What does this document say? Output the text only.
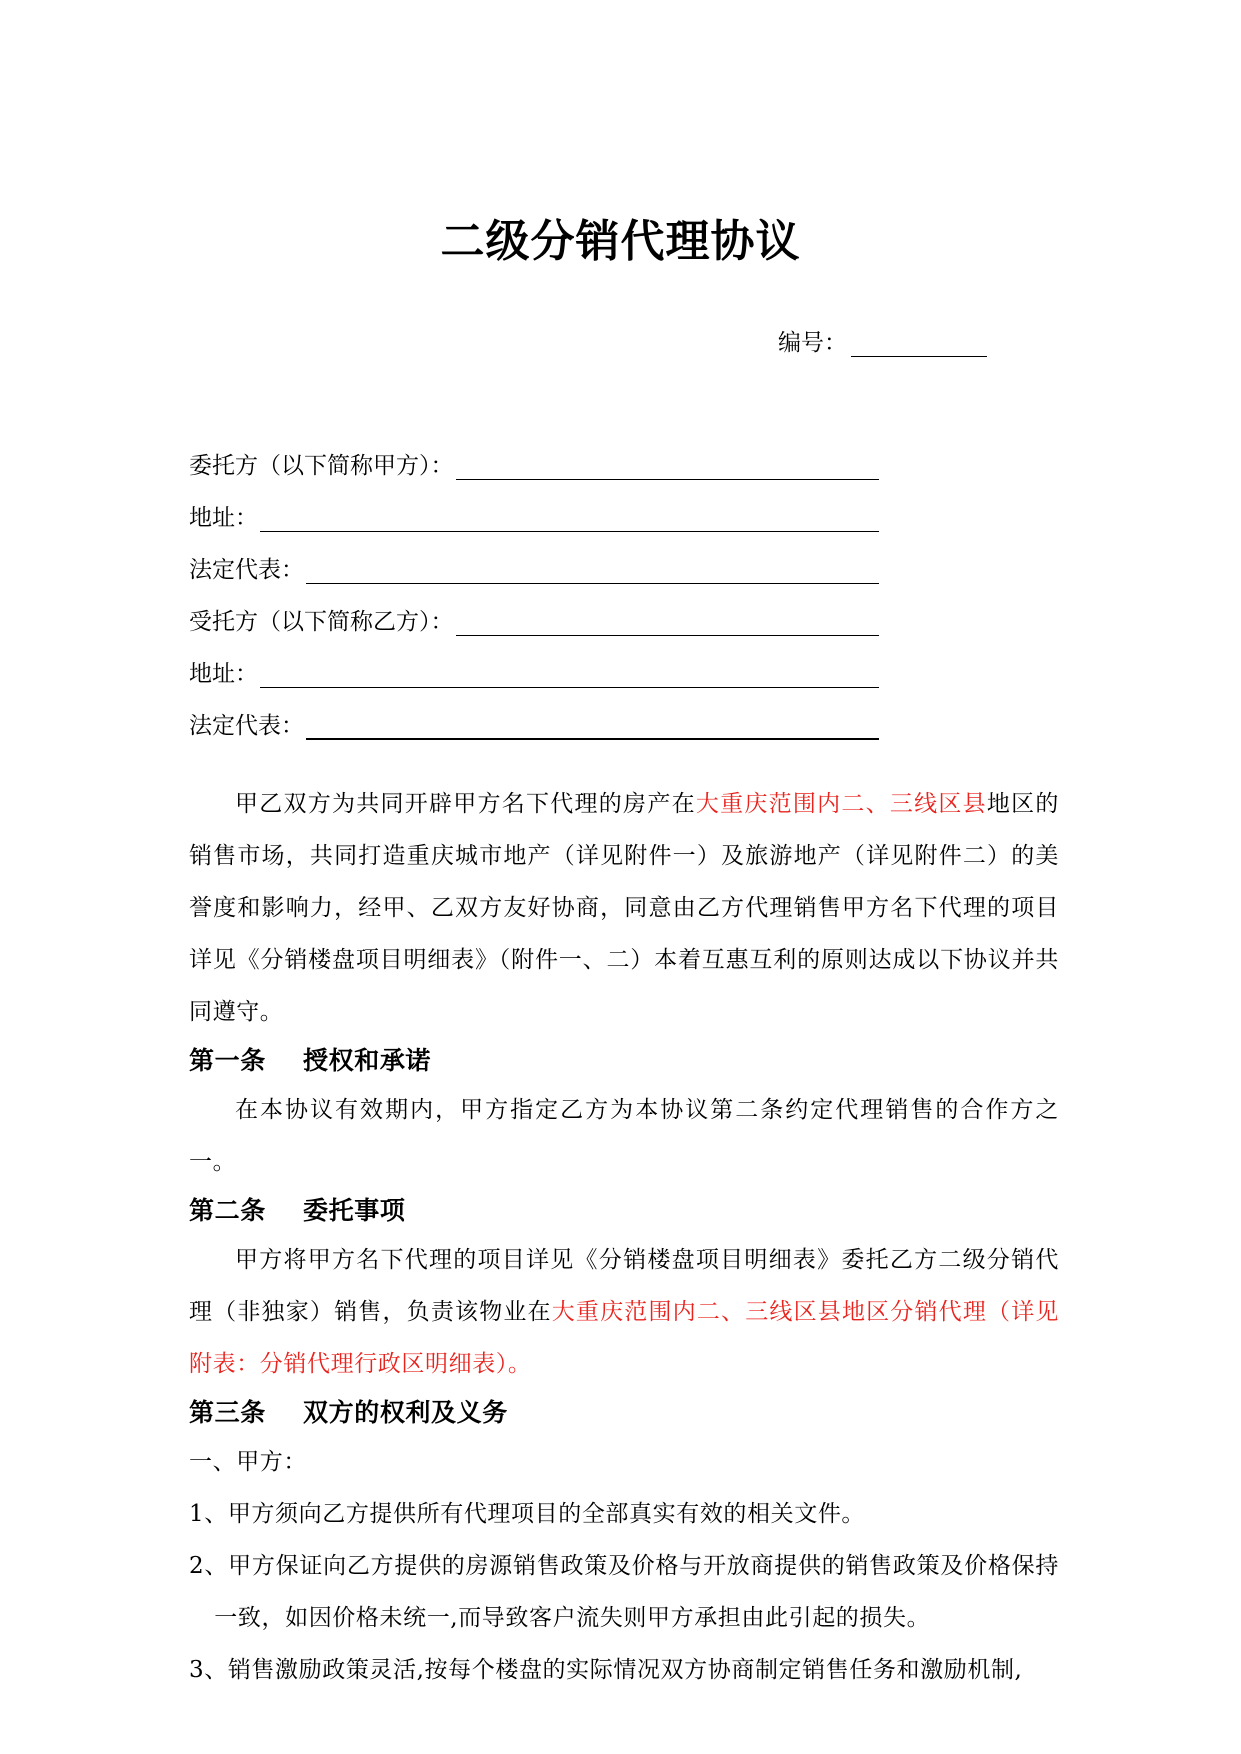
二级分销代理协议
编号：
委托方（以下简称甲方）：
地址：
法定代表：
受托方（以下简称乙方）：
地址：
法定代表：

甲乙双方为共同开辟甲方名下代理的房产在大重庆范围内二、三线区县地区的销售市场，共同打造重庆城市地产（详见附件一）及旅游地产（详见附件二）的美誉度和影响力，经甲、乙双方友好协商，同意由乙方代理销售甲方名下代理的项目详见《分销楼盘项目明细表》（附件一、二）本着互惠互利的原则达成以下协议并共同遵守。

第一条    授权和承诺

在本协议有效期内，甲方指定乙方为本协议第二条约定代理销售的合作方之一。

第二条    委托事项

甲方将甲方名下代理的项目详见《分销楼盘项目明细表》委托乙方二级分销代理（非独家）销售，负责该物业在大重庆范围内二、三线区县地区分销代理（详见附表：分销代理行政区明细表）。

第三条    双方的权利及义务

一、甲方：

1、甲方须向乙方提供所有代理项目的全部真实有效的相关文件。

2、甲方保证向乙方提供的房源销售政策及价格与开放商提供的销售政策及价格保持一致，如因价格未统一,而导致客户流失则甲方承担由此引起的损失。

3、销售激励政策灵活,按每个楼盘的实际情况双方协商制定销售任务和激励机制,
